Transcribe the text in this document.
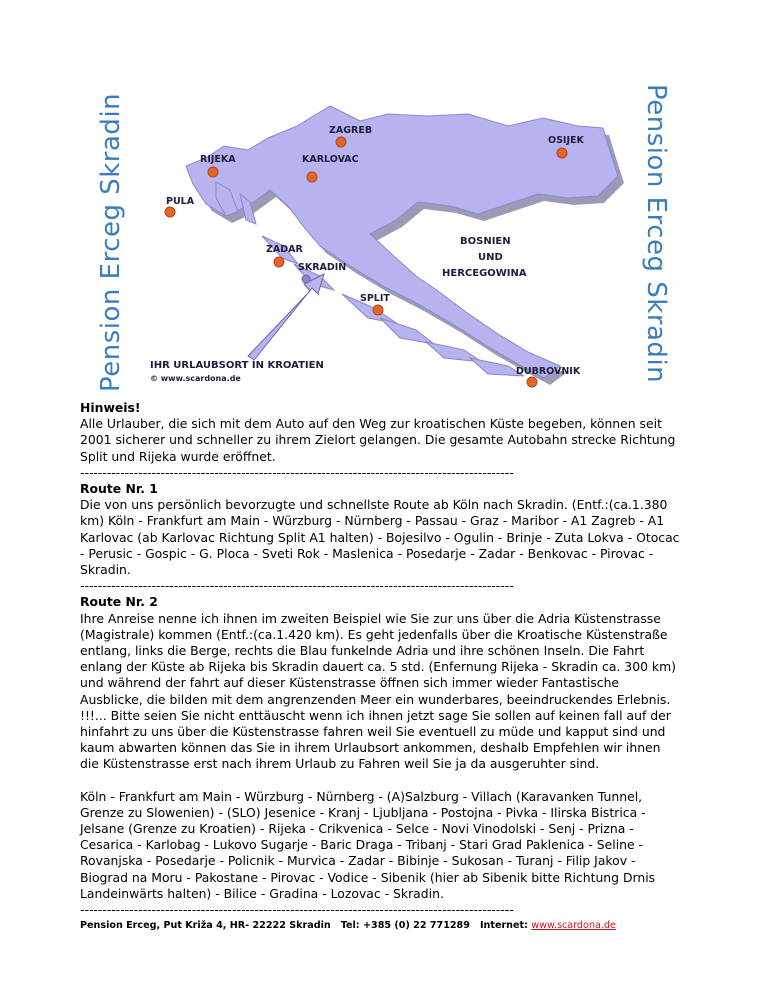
Pension Erceg Skradin	Pension Erceg Skradin
ZAGREB
OSIJEK
RIJEKA	KARLOVAC
PULA
ZADAR
SKRADIN
SPLIT
DUBROVNIK
BOSNIEN
UND
HERCEGOWINA
IHR URLAUBSORT IN KROATIEN
© www.scardona.de

Hinweis!

Alle Urlauber, die sich mit dem Auto auf den Weg zur kroatischen Küste begeben, können seit 2001 sicherer und schneller zu ihrem Zielort gelangen. Die gesamte Autobahn strecke Richtung Split und Rijeka wurde eröffnet.

-------------------------------------------------------------------------------------------------

Route Nr. 1

Die von uns persönlich bevorzugte und schnellste Route ab Köln nach Skradin. (Entf.:(ca.1.380 km) Köln - Frankfurt am Main - Würzburg - Nürnberg - Passau - Graz - Maribor - A1 Zagreb - A1 Karlovac (ab Karlovac Richtung Split A1 halten) - Bojesilvo - Ogulin - Brinje - Zuta Lokva - Otocac - Perusic - Gospic - G. Ploca - Sveti Rok - Maslenica - Posedarje - Zadar - Benkovac - Pirovac - Skradin.

-------------------------------------------------------------------------------------------------

Route Nr. 2

Ihre Anreise nenne ich ihnen im zweiten Beispiel wie Sie zur uns über die Adria Küstenstrasse (Magistrale) kommen (Entf.:(ca.1.420 km). Es geht jedenfalls über die Kroatische Küstenstraße entlang, links die Berge, rechts die Blau funkelnde Adria und ihre schönen Inseln. Die Fahrt enlang der Küste ab Rijeka bis Skradin dauert ca. 5 std. (Enfernung Rijeka - Skradin ca. 300 km) und während der fahrt auf dieser Küstenstrasse öffnen sich immer wieder Fantastische Ausblicke, die bilden mit dem angrenzenden Meer ein wunderbares, beeindruckendes Erlebnis. !!!... Bitte seien Sie nicht enttäuscht wenn ich ihnen jetzt sage Sie sollen auf keinen fall auf der hinfahrt zu uns über die Küstenstrasse fahren weil Sie eventuell zu müde und kapput sind und kaum abwarten können das Sie in ihrem Urlaubsort ankommen, deshalb Empfehlen wir ihnen die Küstenstrasse erst nach ihrem Urlaub zu Fahren weil Sie ja da ausgeruhter sind.

Köln - Frankfurt am Main - Würzburg - Nürnberg - (A)Salzburg - Villach (Karavanken Tunnel, Grenze zu Slowenien) - (SLO) Jesenice - Kranj - Ljubljana - Postojna - Pivka - Ilirska Bistrica - Jelsane (Grenze zu Kroatien) - Rijeka - Crikvenica - Selce - Novi Vinodolski - Senj - Prizna - Cesarica - Karlobag - Lukovo Sugarje - Baric Draga - Tribanj - Stari Grad Paklenica - Seline - Rovanjska - Posedarje - Policnik - Murvica - Zadar - Bibinje - Sukosan - Turanj - Filip Jakov - Biograd na Moru - Pakostane - Pirovac - Vodice - Sibenik (hier ab Sibenik bitte Richtung Drnis Landeinwärts halten) - Bilice - Gradina - Lozovac - Skradin.

-------------------------------------------------------------------------------------------------

Pension Erceg, Put Križa 4, HR- 22222 Skradin Tel: +385 (0) 22 771289 Internet: www.scardona.de
